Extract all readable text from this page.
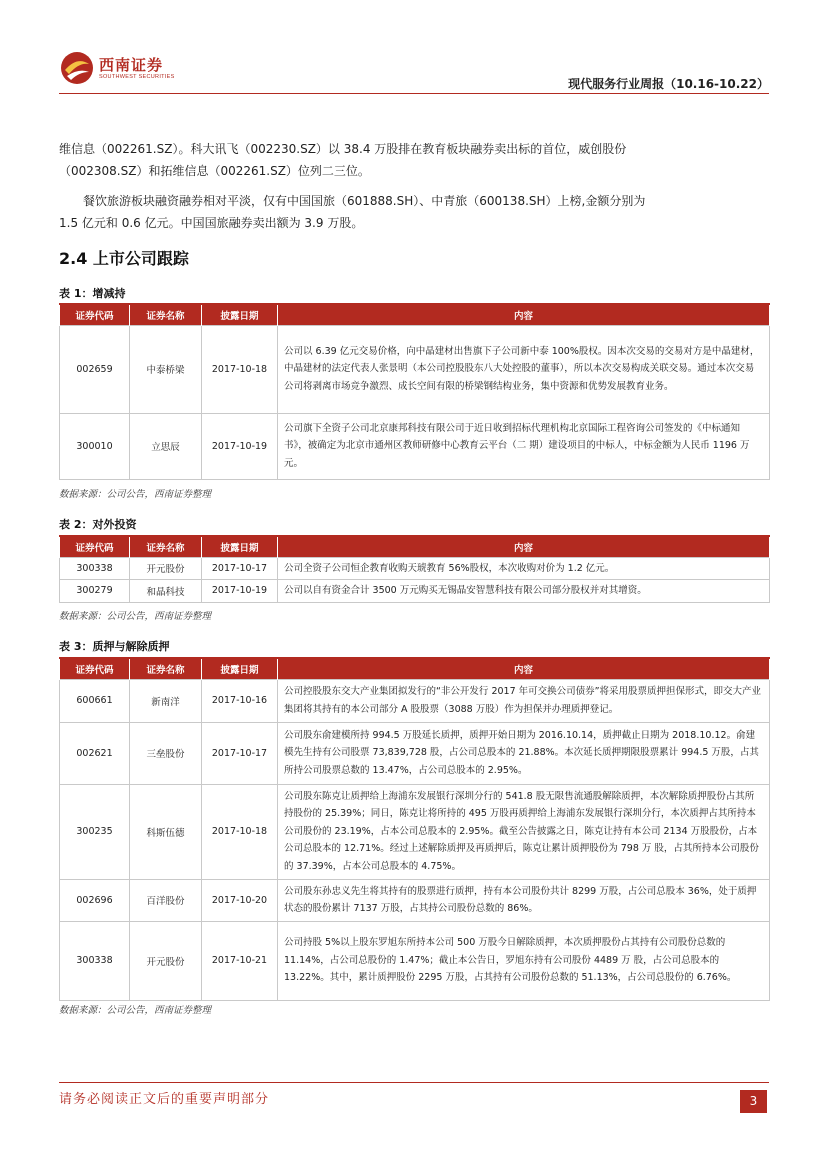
西南证券
SOUTHWEST SECURITIES	现代服务行业周报（10.16-10.22）

维信息（002261.SZ）。科大讯飞（002230.SZ）以 38.4 万股排在教育板块融券卖出标的首位，威创股份（002308.SZ）和拓维信息（002261.SZ）位列二三位。

餐饮旅游板块融资融券相对平淡，仅有中国国旅（601888.SH）、中青旅（600138.SH）上榜,金额分别为 1.5 亿元和 0.6 亿元。中国国旅融券卖出额为 3.9 万股。

2.4 上市公司跟踪
表 1：增减持
证券代码	证券名称	披露日期	内容
002659	中泰桥梁	2017-10-18	公司以 6.39 亿元交易价格，向中晶建材出售旗下子公司新中泰 100%股权。因本次交易的交易对方是中晶建材，中晶建材的法定代表人张景明（本公司控股股东八大处控股的董事），所以本次交易构成关联交易。通过本次交易公司将剥离市场竞争激烈、成长空间有限的桥梁钢结构业务，集中资源和优势发展教育业务。
300010	立思辰	2017-10-19	公司旗下全资子公司北京康邦科技有限公司于近日收到招标代理机构北京国际工程咨询公司签发的《中标通知书》，被确定为北京市通州区教师研修中心教育云平台（二 期）建设项目的中标人，中标金额为人民币 1196 万元。
数据来源：公司公告，西南证券整理
表 2：对外投资
证券代码	证券名称	披露日期	内容
300338	开元股份	2017-10-17	公司全资子公司恒企教育收购天琥教育 56%股权，本次收购对价为 1.2 亿元。
300279	和晶科技	2017-10-19	公司以自有资金合计 3500 万元购买无锡晶安智慧科技有限公司部分股权并对其增资。
数据来源：公司公告，西南证券整理
表 3：质押与解除质押
证券代码	证券名称	披露日期	内容
600661	新南洋	2017-10-16	公司控股股东交大产业集团拟发行的“非公开发行 2017 年可交换公司债券”将采用股票质押担保形式，即交大产业集团将其持有的本公司部分 A 股股票（3088 万股）作为担保并办理质押登记。
002621	三垒股份	2017-10-17	公司股东俞建模所持 994.5 万股延长质押，质押开始日期为 2016.10.14，质押截止日期为 2018.10.12。俞建模先生持有公司股票 73,839,728 股，占公司总股本的 21.88%。本次延长质押期限股票累计 994.5 万股，占其所持公司股票总数的 13.47%，占公司总股本的 2.95%。
300235	科斯伍德	2017-10-18	公司股东陈克让质押给上海浦东发展银行深圳分行的 541.8 股无限售流通股解除质押，本次解除质押股份占其所持股份的 25.39%；同日，陈克让将所持的 495 万股再质押给上海浦东发展银行深圳分行，本次质押占其所持本公司股份的 23.19%，占本公司总股本的 2.95%。截至公告披露之日，陈克让持有本公司 2134 万股股份，占本公司总股本的 12.71%。经过上述解除质押及再质押后，陈克让累计质押股份为 798 万 股，占其所持本公司股份的 37.39%，占本公司总股本的 4.75%。
002696	百洋股份	2017-10-20	公司股东孙忠义先生将其持有的股票进行质押，持有本公司股份共计 8299 万股，占公司总股本 36%，处于质押状态的股份累计 7137 万股，占其持公司股份总数的 86%。
300338	开元股份	2017-10-21	公司持股 5%以上股东罗旭东所持本公司 500 万股今日解除质押，本次质押股份占其持有公司股份总数的 11.14%，占公司总股份的 1.47%；截止本公告日，罗旭东持有公司股份 4489 万 股，占公司总股本的 13.22%。其中，累计质押股份 2295 万股，占其持有公司股份总数的 51.13%，占公司总股份的 6.76%。
数据来源：公司公告，西南证券整理
请务必阅读正文后的重要声明部分	3
